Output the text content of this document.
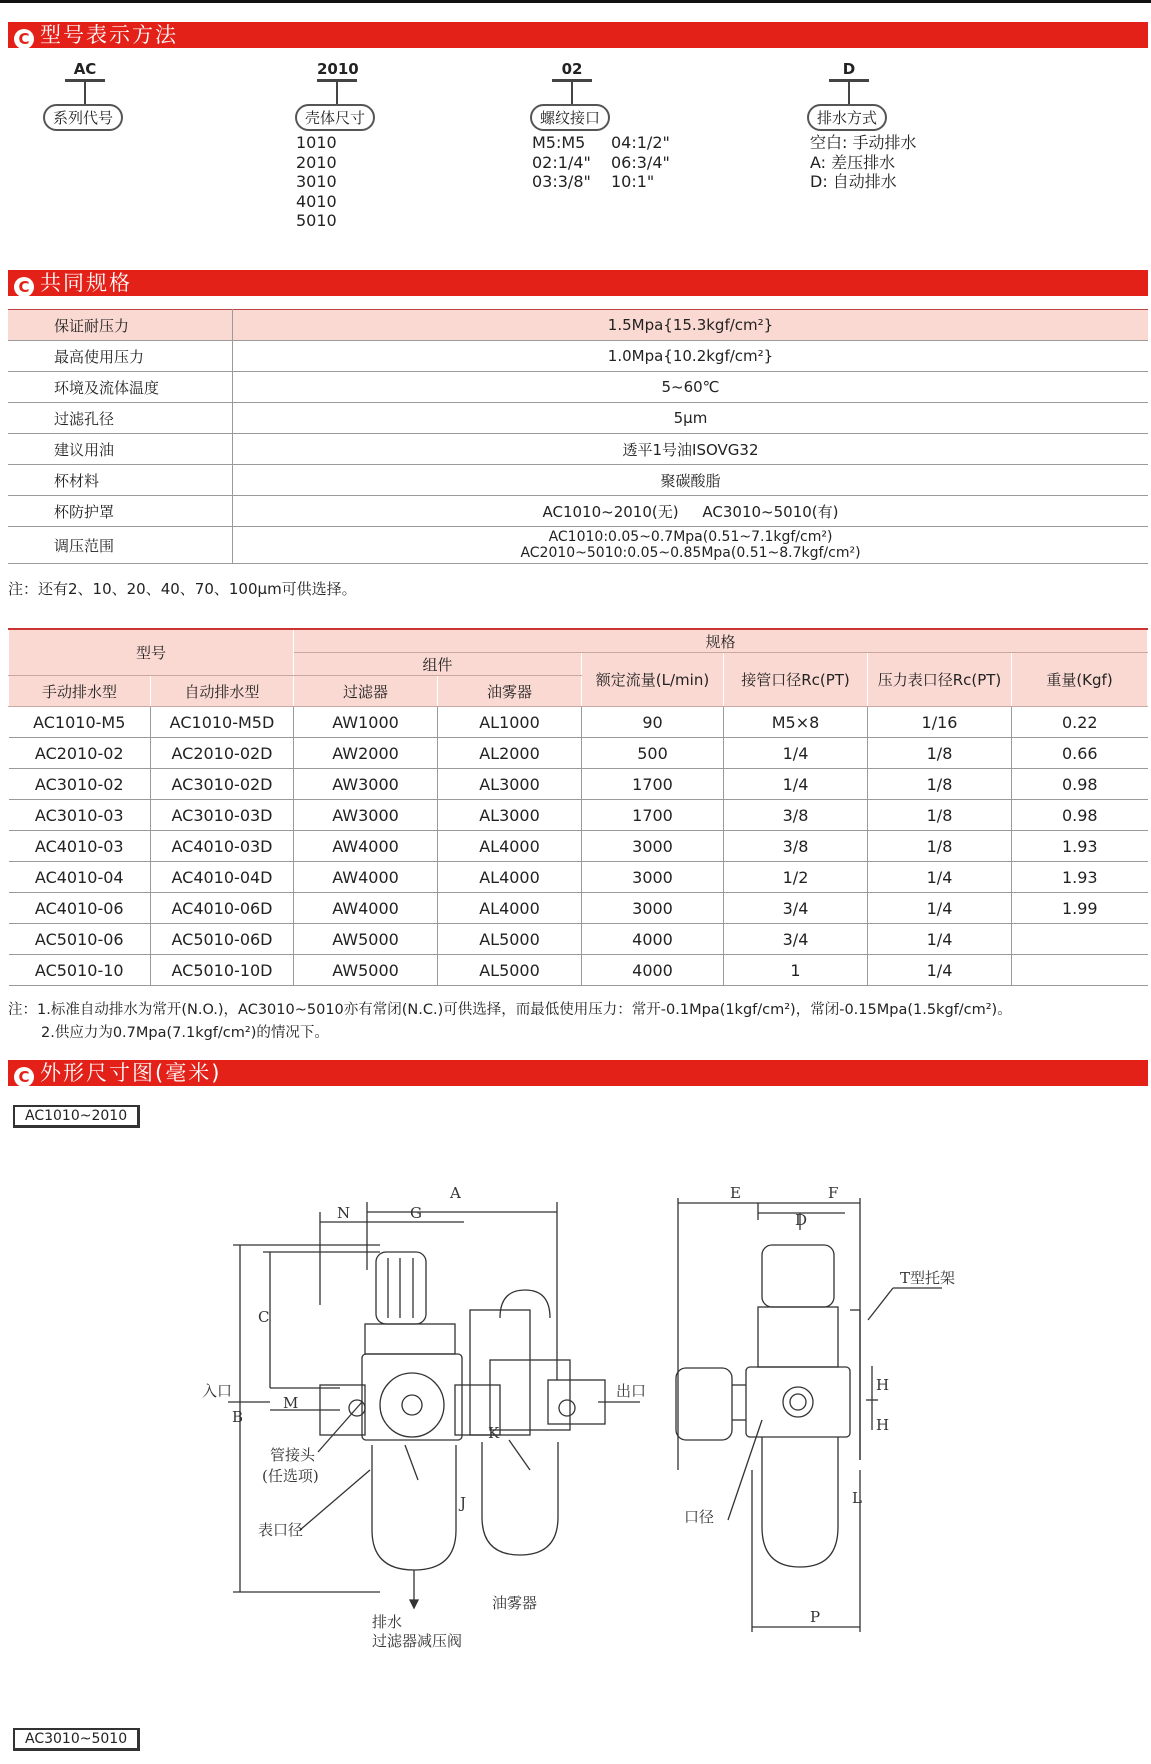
C 型号表示方法
AC
系列代号
2010
壳体尺寸
1010
2010
3010
4010
5010
02
螺纹接口
M5:M5
02:1/4"
03:3/8"
04:1/2"
06:3/4"
10:1"
D
排水方式
空白: 手动排水
A: 差压排水
D: 自动排水
C 共同规格
保证耐压力	1.5Mpa{15.3kgf/cm²}
最高使用压力	1.0Mpa{10.2kgf/cm²}
环境及流体温度	5~60℃
过滤孔径	5μm
建议用油	透平1号油ISOVG32
杯材料	聚碳酸脂
杯防护罩	AC1010~2010(无)     AC3010~5010(有)
调压范围	AC1010:0.05~0.7Mpa(0.51~7.1kgf/cm²)
AC2010~5010:0.05~0.85Mpa(0.51~8.7kgf/cm²)
注：还有2、10、20、40、70、100μm可供选择。
型号		规格					
		组件		额定流量(L/min)	接管口径Rc(PT)	压力表口径Rc(PT)	重量(Kgf)
手动排水型	自动排水型	过滤器	油雾器				
AC1010-M5	AC1010-M5D	AW1000	AL1000	90	M5×8	1/16	0.22
AC2010-02	AC2010-02D	AW2000	AL2000	500	1/4	1/8	0.66
AC3010-02	AC3010-02D	AW3000	AL3000	1700	1/4	1/8	0.98
AC3010-03	AC3010-03D	AW3000	AL3000	1700	3/8	1/8	0.98
AC4010-03	AC4010-03D	AW4000	AL4000	3000	3/8	1/8	1.93
AC4010-04	AC4010-04D	AW4000	AL4000	3000	1/2	1/4	1.93
AC4010-06	AC4010-06D	AW4000	AL4000	3000	3/4	1/4	1.99
AC5010-06	AC5010-06D	AW5000	AL5000	4000	3/4	1/4	
AC5010-10	AC5010-10D	AW5000	AL5000	4000	1	1/4	
注：1.标准自动排水为常开(N.O.)，AC3010~5010亦有常闭(N.C.)可供选择，而最低使用压力：常开-0.1Mpa(1kgf/cm²)，常闭-0.15Mpa(1.5kgf/cm²)。
2.供应力为0.7Mpa(7.1kgf/cm²)的情况下。
C 外形尺寸图(毫米)
AC1010~2010
AC3010~5010
A
N	G
C
M
B
K
J
E	F
D
H
H
L
P
入口	出口
管接头
(任选项)
表口径
排水
过滤器减压阀
油雾器
T型托架
口径
